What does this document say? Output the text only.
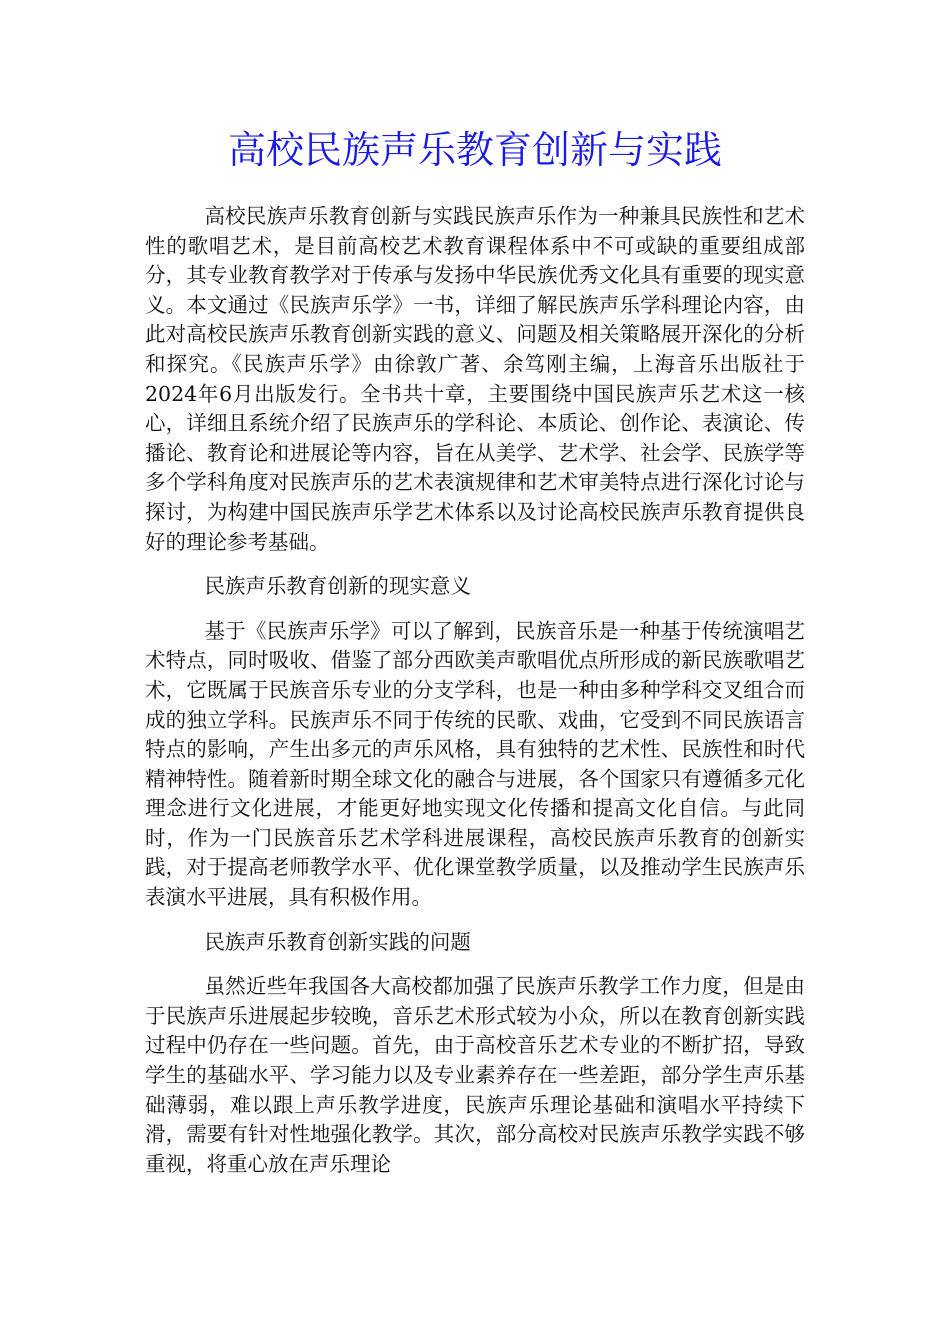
高校民族声乐教育创新与实践

高校民族声乐教育创新与实践民族声乐作为一种兼具民族性和艺术性的歌唱艺术，是目前高校艺术教育课程体系中不可或缺的重要组成部分，其专业教育教学对于传承与发扬中华民族优秀文化具有重要的现实意义。本文通过《民族声乐学》一书，详细了解民族声乐学科理论内容，由此对高校民族声乐教育创新实践的意义、问题及相关策略展开深化的分析和探究。《民族声乐学》由徐敦广著、余笃刚主编，上海音乐出版社于2024年6月出版发行。全书共十章，主要围绕中国民族声乐艺术这一核心，详细且系统介绍了民族声乐的学科论、本质论、创作论、表演论、传播论、教育论和进展论等内容，旨在从美学、艺术学、社会学、民族学等多个学科角度对民族声乐的艺术表演规律和艺术审美特点进行深化讨论与探讨，为构建中国民族声乐学艺术体系以及讨论高校民族声乐教育提供良好的理论参考基础。

民族声乐教育创新的现实意义

基于《民族声乐学》可以了解到，民族音乐是一种基于传统演唱艺术特点，同时吸收、借鉴了部分西欧美声歌唱优点所形成的新民族歌唱艺术，它既属于民族音乐专业的分支学科，也是一种由多种学科交叉组合而成的独立学科。民族声乐不同于传统的民歌、戏曲，它受到不同民族语言特点的影响，产生出多元的声乐风格，具有独特的艺术性、民族性和时代精神特性。随着新时期全球文化的融合与进展，各个国家只有遵循多元化理念进行文化进展，才能更好地实现文化传播和提高文化自信。与此同时，作为一门民族音乐艺术学科进展课程，高校民族声乐教育的创新实践，对于提高老师教学水平、优化课堂教学质量，以及推动学生民族声乐表演水平进展，具有积极作用。

民族声乐教育创新实践的问题

虽然近些年我国各大高校都加强了民族声乐教学工作力度，但是由于民族声乐进展起步较晚，音乐艺术形式较为小众，所以在教育创新实践过程中仍存在一些问题。首先，由于高校音乐艺术专业的不断扩招，导致学生的基础水平、学习能力以及专业素养存在一些差距，部分学生声乐基础薄弱，难以跟上声乐教学进度，民族声乐理论基础和演唱水平持续下滑，需要有针对性地强化教学。其次，部分高校对民族声乐教学实践不够重视，将重心放在声乐理论
